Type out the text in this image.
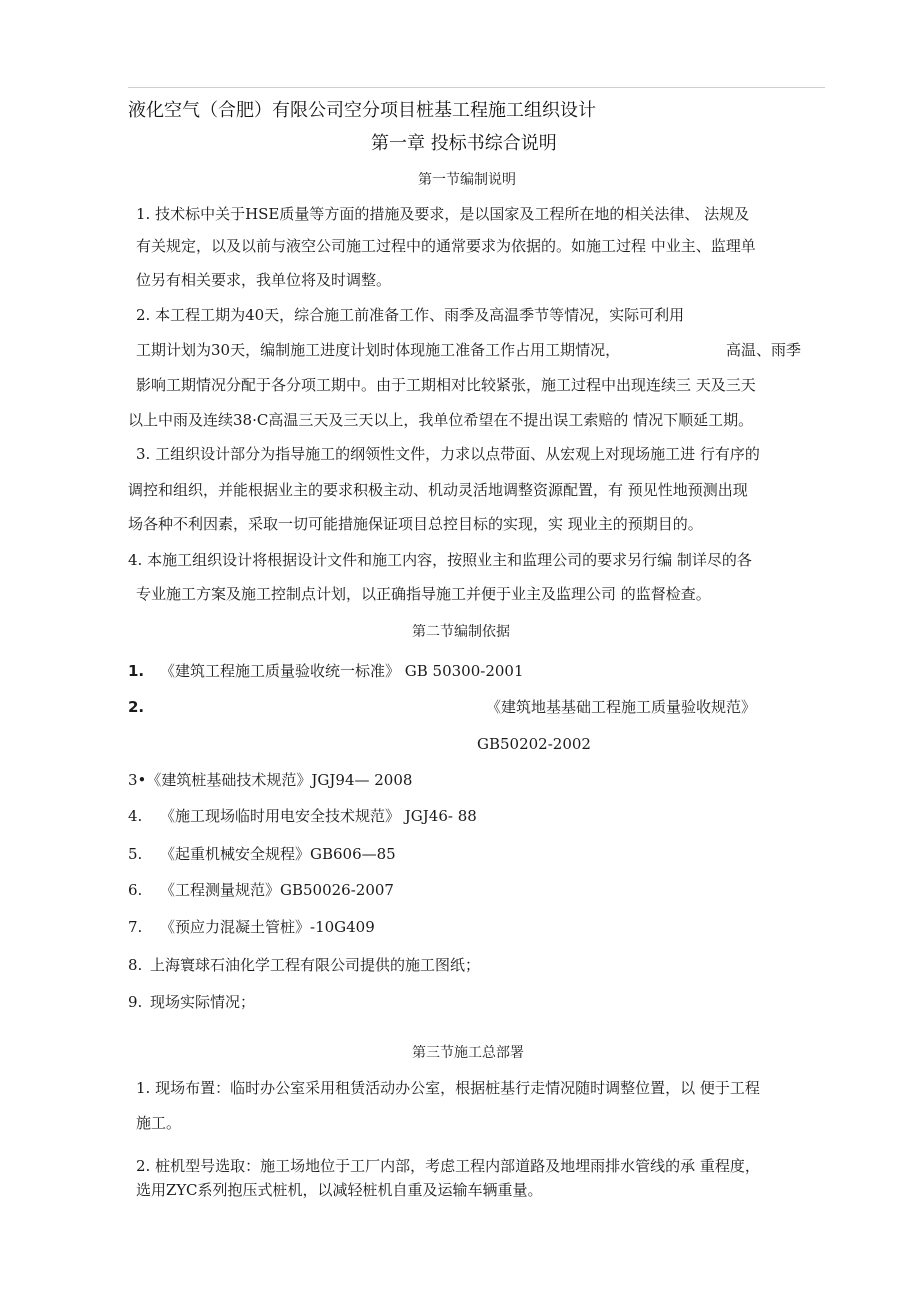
液化空气（合肥）有限公司空分项目桩基工程施工组织设计
第一章 投标书综合说明
第一节编制说明
1. 技术标中关于HSE质量等方面的措施及要求，是以国家及工程所在地的相关法律、 法规及
有关规定，以及以前与液空公司施工过程中的通常要求为依据的。如施工过程 中业主、监理单
位另有相关要求，我单位将及时调整。
2. 本工程工期为40天，综合施工前准备工作、雨季及高温季节等情况，实际可利用
工期计划为30天，编制施工进度计划时体现施工准备工作占用工期情况，	高温、雨季
影响工期情况分配于各分项工期中。由于工期相对比较紧张，施工过程中出现连续三 天及三天
以上中雨及连续38·C高温三天及三天以上，我单位希望在不提出误工索赔的 情况下顺延工期。
3. 工组织设计部分为指导施工的纲领性文件，力求以点带面、从宏观上对现场施工进 行有序的
调控和组织，并能根据业主的要求积极主动、机动灵活地调整资源配置，有 预见性地预测出现
场各种不利因素，采取一切可能措施保证项目总控目标的实现，实 现业主的预期目的。
4. 本施工组织设计将根据设计文件和施工内容，按照业主和监理公司的要求另行编 制详尽的各
专业施工方案及施工控制点计划，以正确指导施工并便于业主及监理公司 的监督检查。
第二节编制依据
1. 《建筑工程施工质量验收统一标准》 GB 50300-2001
2.	《建筑地基基础工程施工质量验收规范》
GB50202-2002
3•《建筑桩基础技术规范》JGJ94— 2008
4. 《施工现场临时用电安全技术规范》 JGJ46- 88
5. 《起重机械安全规程》GB606—85
6. 《工程测量规范》GB50026-2007
7. 《预应力混凝土管桩》-10G409
8. 上海寰球石油化学工程有限公司提供的施工图纸；
9. 现场实际情况；
第三节施工总部署
1. 现场布置：临时办公室采用租赁活动办公室，根据桩基行走情况随时调整位置，以 便于工程
施工。
2. 桩机型号选取：施工场地位于工厂内部，考虑工程内部道路及地埋雨排水管线的承 重程度，
选用ZYC系列抱压式桩机，以减轻桩机自重及运输车辆重量。
